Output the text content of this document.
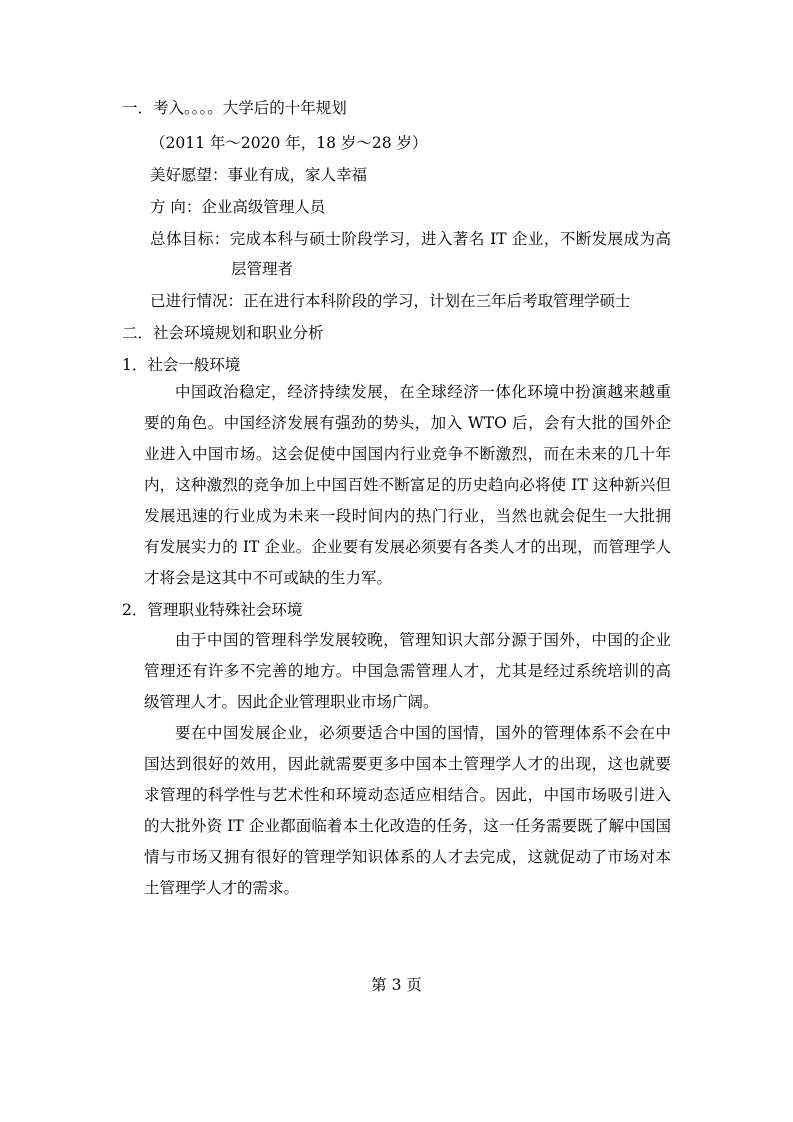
一．考入。。。。大学后的十年规划
（2011 年～2020 年，18 岁～28 岁）
美好愿望：事业有成，家人幸福
方 向：企业高级管理人员
总体目标：完成本科与硕士阶段学习，进入著名 IT 企业，不断发展成为高
层管理者
已进行情况：正在进行本科阶段的学习，计划在三年后考取管理学硕士
二．社会环境规划和职业分析
1．社会一般环境
中国政治稳定，经济持续发展，在全球经济一体化环境中扮演越来越重
要的角色。中国经济发展有强劲的势头，加入 WTO 后，会有大批的国外企
业进入中国市场。这会促使中国国内行业竞争不断激烈，而在未来的几十年
内，这种激烈的竞争加上中国百姓不断富足的历史趋向必将使 IT 这种新兴但
发展迅速的行业成为未来一段时间内的热门行业，当然也就会促生一大批拥
有发展实力的 IT 企业。企业要有发展必须要有各类人才的出现，而管理学人
才将会是这其中不可或缺的生力军。
2．管理职业特殊社会环境
由于中国的管理科学发展较晚，管理知识大部分源于国外，中国的企业
管理还有许多不完善的地方。中国急需管理人才，尤其是经过系统培训的高
级管理人才。因此企业管理职业市场广阔。
要在中国发展企业，必须要适合中国的国情，国外的管理体系不会在中
国达到很好的效用，因此就需要更多中国本土管理学人才的出现，这也就要
求管理的科学性与艺术性和环境动态适应相结合。因此，中国市场吸引进入
的大批外资 IT 企业都面临着本土化改造的任务，这一任务需要既了解中国国
情与市场又拥有很好的管理学知识体系的人才去完成，这就促动了市场对本
土管理学人才的需求。
第 3 页
